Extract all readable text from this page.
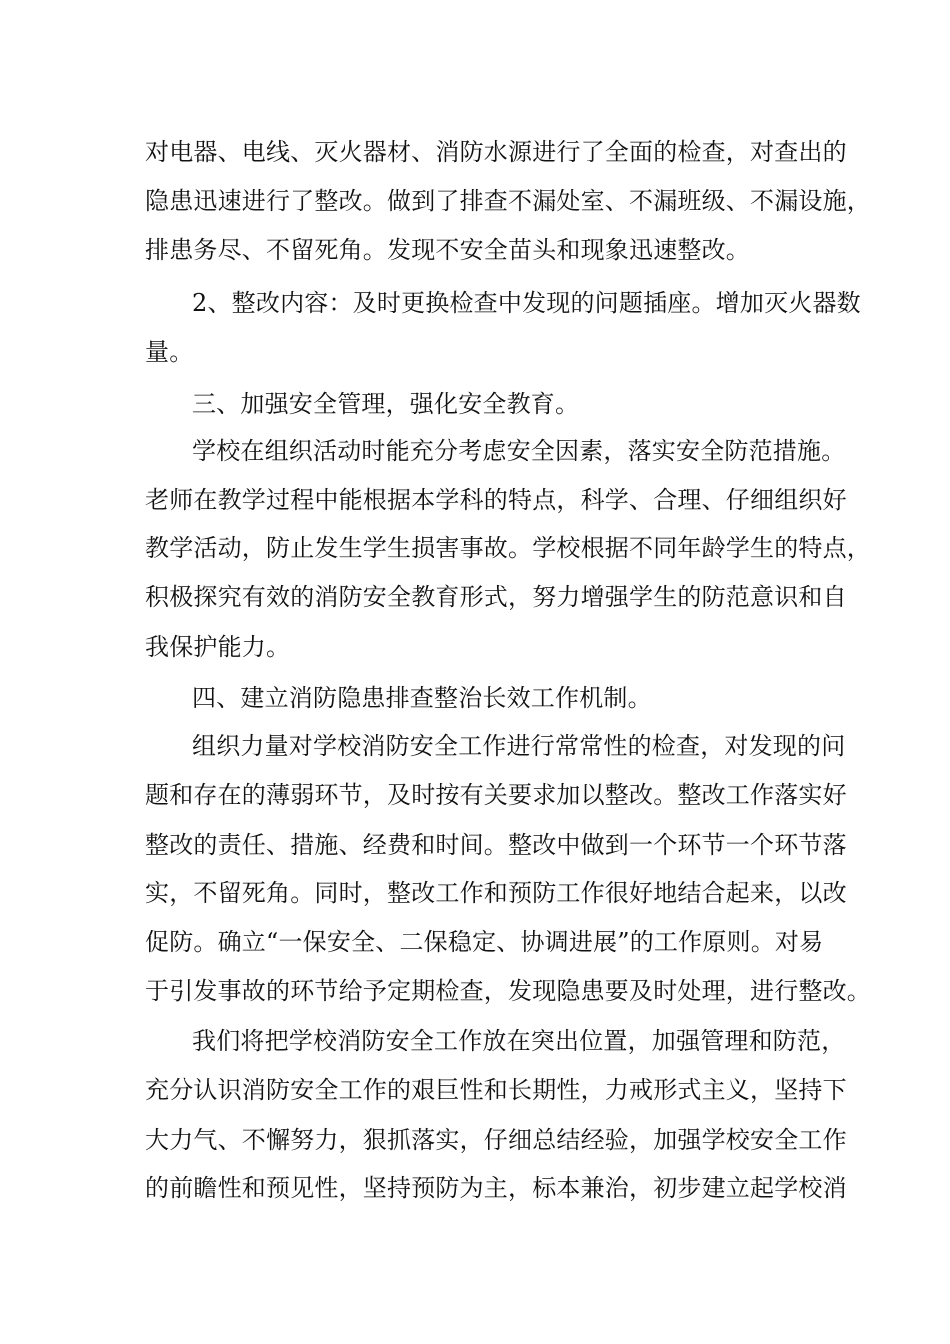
对电器、电线、灭火器材、消防水源进行了全面的检查，对查出的
隐患迅速进行了整改。做到了排查不漏处室、不漏班级、不漏设施，
排患务尽、不留死角。发现不安全苗头和现象迅速整改。
2、整改内容：及时更换检查中发现的问题插座。增加灭火器数
量。
三、加强安全管理，强化安全教育。
学校在组织活动时能充分考虑安全因素，落实安全防范措施。
老师在教学过程中能根据本学科的特点，科学、合理、仔细组织好
教学活动，防止发生学生损害事故。学校根据不同年龄学生的特点，
积极探究有效的消防安全教育形式，努力增强学生的防范意识和自
我保护能力。
四、建立消防隐患排查整治长效工作机制。
组织力量对学校消防安全工作进行常常性的检查，对发现的问
题和存在的薄弱环节，及时按有关要求加以整改。整改工作落实好
整改的责任、措施、经费和时间。整改中做到一个环节一个环节落
实，不留死角。同时，整改工作和预防工作很好地结合起来，以改
促防。确立“一保安全、二保稳定、协调进展”的工作原则。对易
于引发事故的环节给予定期检查，发现隐患要及时处理，进行整改。
我们将把学校消防安全工作放在突出位置，加强管理和防范，
充分认识消防安全工作的艰巨性和长期性，力戒形式主义，坚持下
大力气、不懈努力，狠抓落实，仔细总结经验，加强学校安全工作
的前瞻性和预见性，坚持预防为主，标本兼治，初步建立起学校消
